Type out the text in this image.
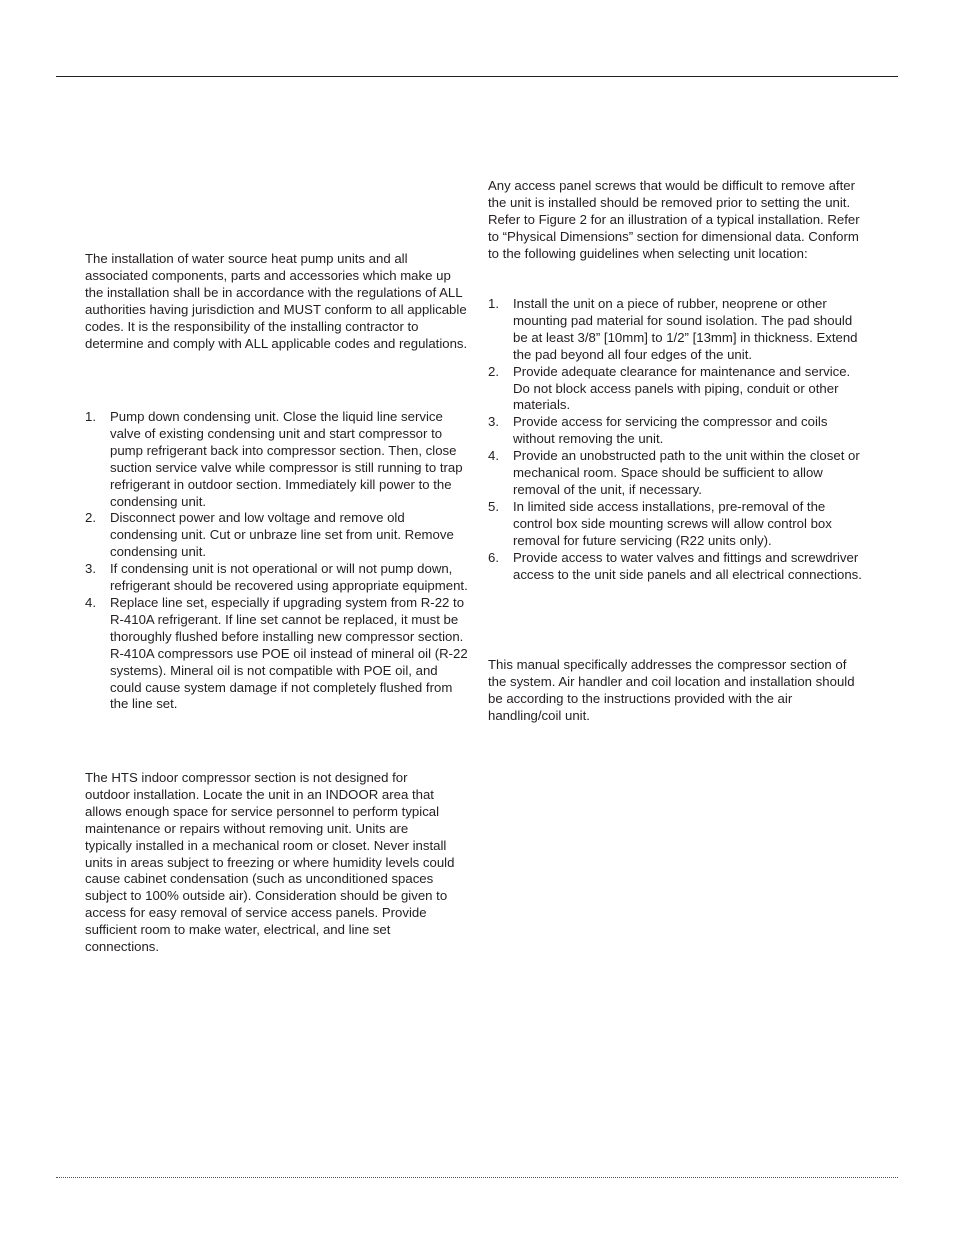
The installation of water source heat pump units and all associated components, parts and accessories which make up the installation shall be in accordance with the regulations of ALL authorities having jurisdiction and MUST conform to all applicable codes. It is the responsibility of the installing contractor to determine and comply with ALL applicable codes and regulations.

1. Pump down condensing unit. Close the liquid line service valve of existing condensing unit and start compressor to pump refrigerant back into compressor section. Then, close suction service valve while compressor is still running to trap refrigerant in outdoor section. Immediately kill power to the condensing unit.
2. Disconnect power and low voltage and remove old condensing unit. Cut or unbraze line set from unit. Remove condensing unit.
3. If condensing unit is not operational or will not pump down, refrigerant should be recovered using appropriate equipment.
4. Replace line set, especially if upgrading system from R-22 to R-410A refrigerant. If line set cannot be replaced, it must be thoroughly flushed before installing new compressor section. R-410A compressors use POE oil instead of mineral oil (R-22 systems). Mineral oil is not compatible with POE oil, and could cause system damage if not completely flushed from the line set.

The HTS indoor compressor section is not designed for outdoor installation. Locate the unit in an INDOOR area that allows enough space for service personnel to perform typical maintenance or repairs without removing unit. Units are typically installed in a mechanical room or closet. Never install units in areas subject to freezing or where humidity levels could cause cabinet condensation (such as unconditioned spaces subject to 100% outside air). Consideration should be given to access for easy removal of service access panels. Provide sufficient room to make water, electrical, and line set connections.

Any access panel screws that would be difficult to remove after the unit is installed should be removed prior to setting the unit. Refer to Figure 2 for an illustration of a typical installation. Refer to “Physical Dimensions” section for dimensional data. Conform to the following guidelines when selecting unit location:

1. Install the unit on a piece of rubber, neoprene or other mounting pad material for sound isolation. The pad should be at least 3/8” [10mm] to 1/2” [13mm] in thickness. Extend the pad beyond all four edges of the unit.
2. Provide adequate clearance for maintenance and service. Do not block access panels with piping, conduit or other materials.
3. Provide access for servicing the compressor and coils without removing the unit.
4. Provide an unobstructed path to the unit within the closet or mechanical room. Space should be sufficient to allow removal of the unit, if necessary.
5. In limited side access installations, pre-removal of the control box side mounting screws will allow control box removal for future servicing (R22 units only).
6. Provide access to water valves and fittings and screwdriver access to the unit side panels and all electrical connections.

This manual specifically addresses the compressor section of the system. Air handler and coil location and installation should be according to the instructions provided with the air handling/coil unit.
